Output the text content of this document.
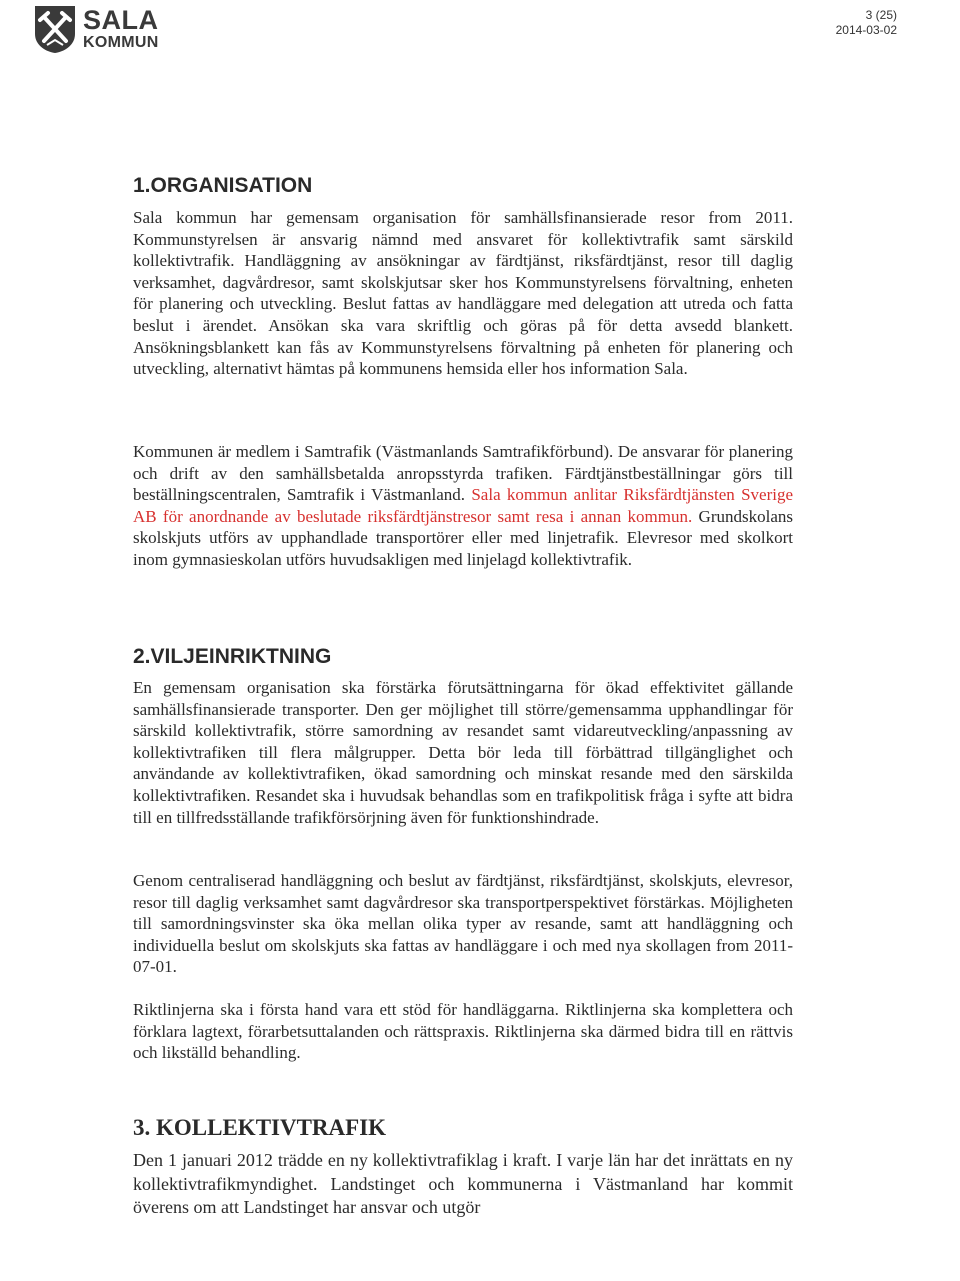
SALA
KOMMUN
3 (25)
2014-03-02
1.ORGANISATION

Sala kommun har gemensam organisation för samhällsfinansierade resor from 2011. Kommunstyrelsen är ansvarig nämnd med ansvaret för kollektivtrafik samt särskild kollektivtrafik. Handläggning av ansökningar av färdtjänst, riksfärdtjänst, resor till daglig verksamhet, dagvårdresor, samt skolskjutsar sker hos Kommunstyrelsens förvaltning, enheten för planering och utveckling. Beslut fattas av handläggare med delegation att utreda och fatta beslut i ärendet. Ansökan ska vara skriftlig och göras på för detta avsedd blankett. Ansökningsblankett kan fås av Kommunstyrelsens förvaltning på enheten för planering och utveckling, alternativt hämtas på kommunens hemsida eller hos information Sala.

Kommunen är medlem i Samtrafik (Västmanlands Samtrafikförbund). De ansvarar för planering och drift av den samhällsbetalda anropsstyrda trafiken. Färdtjänstbeställningar görs till beställningscentralen, Samtrafik i Västmanland. Sala kommun anlitar Riksfärdtjänsten Sverige AB för anordnande av beslutade riksfärdtjänstresor samt resa i annan kommun. Grundskolans skolskjuts utförs av upphandlade transportörer eller med linjetrafik. Elevresor med skolkort inom gymnasieskolan utförs huvudsakligen med linjelagd kollektivtrafik.

2.VILJEINRIKTNING

En gemensam organisation ska förstärka förutsättningarna för ökad effektivitet gällande samhällsfinansierade transporter. Den ger möjlighet till större/gemensamma upphandlingar för särskild kollektivtrafik, större samordning av resandet samt vidareutveckling/anpassning av kollektivtrafiken till flera målgrupper. Detta bör leda till förbättrad tillgänglighet och användande av kollektivtrafiken, ökad samordning och minskat resande med den särskilda kollektivtrafiken. Resandet ska i huvudsak behandlas som en trafikpolitisk fråga i syfte att bidra till en tillfredsställande trafikförsörjning även för funktionshindrade.

Genom centraliserad handläggning och beslut av färdtjänst, riksfärdtjänst, skolskjuts, elevresor, resor till daglig verksamhet samt dagvårdresor ska transportperspektivet förstärkas. Möjligheten till samordningsvinster ska öka mellan olika typer av resande, samt att handläggning och individuella beslut om skolskjuts ska fattas av handläggare i och med nya skollagen from 2011-07-01.

Riktlinjerna ska i första hand vara ett stöd för handläggarna. Riktlinjerna ska komplettera och förklara lagtext, förarbetsuttalanden och rättspraxis. Riktlinjerna ska därmed bidra till en rättvis och likställd behandling.

3. KOLLEKTIVTRAFIK

Den 1 januari 2012 trädde en ny kollektivtrafiklag i kraft. I varje län har det inrättats en ny kollektivtrafikmyndighet. Landstinget och kommunerna i Västmanland har kommit överens om att Landstinget har ansvar och utgör
